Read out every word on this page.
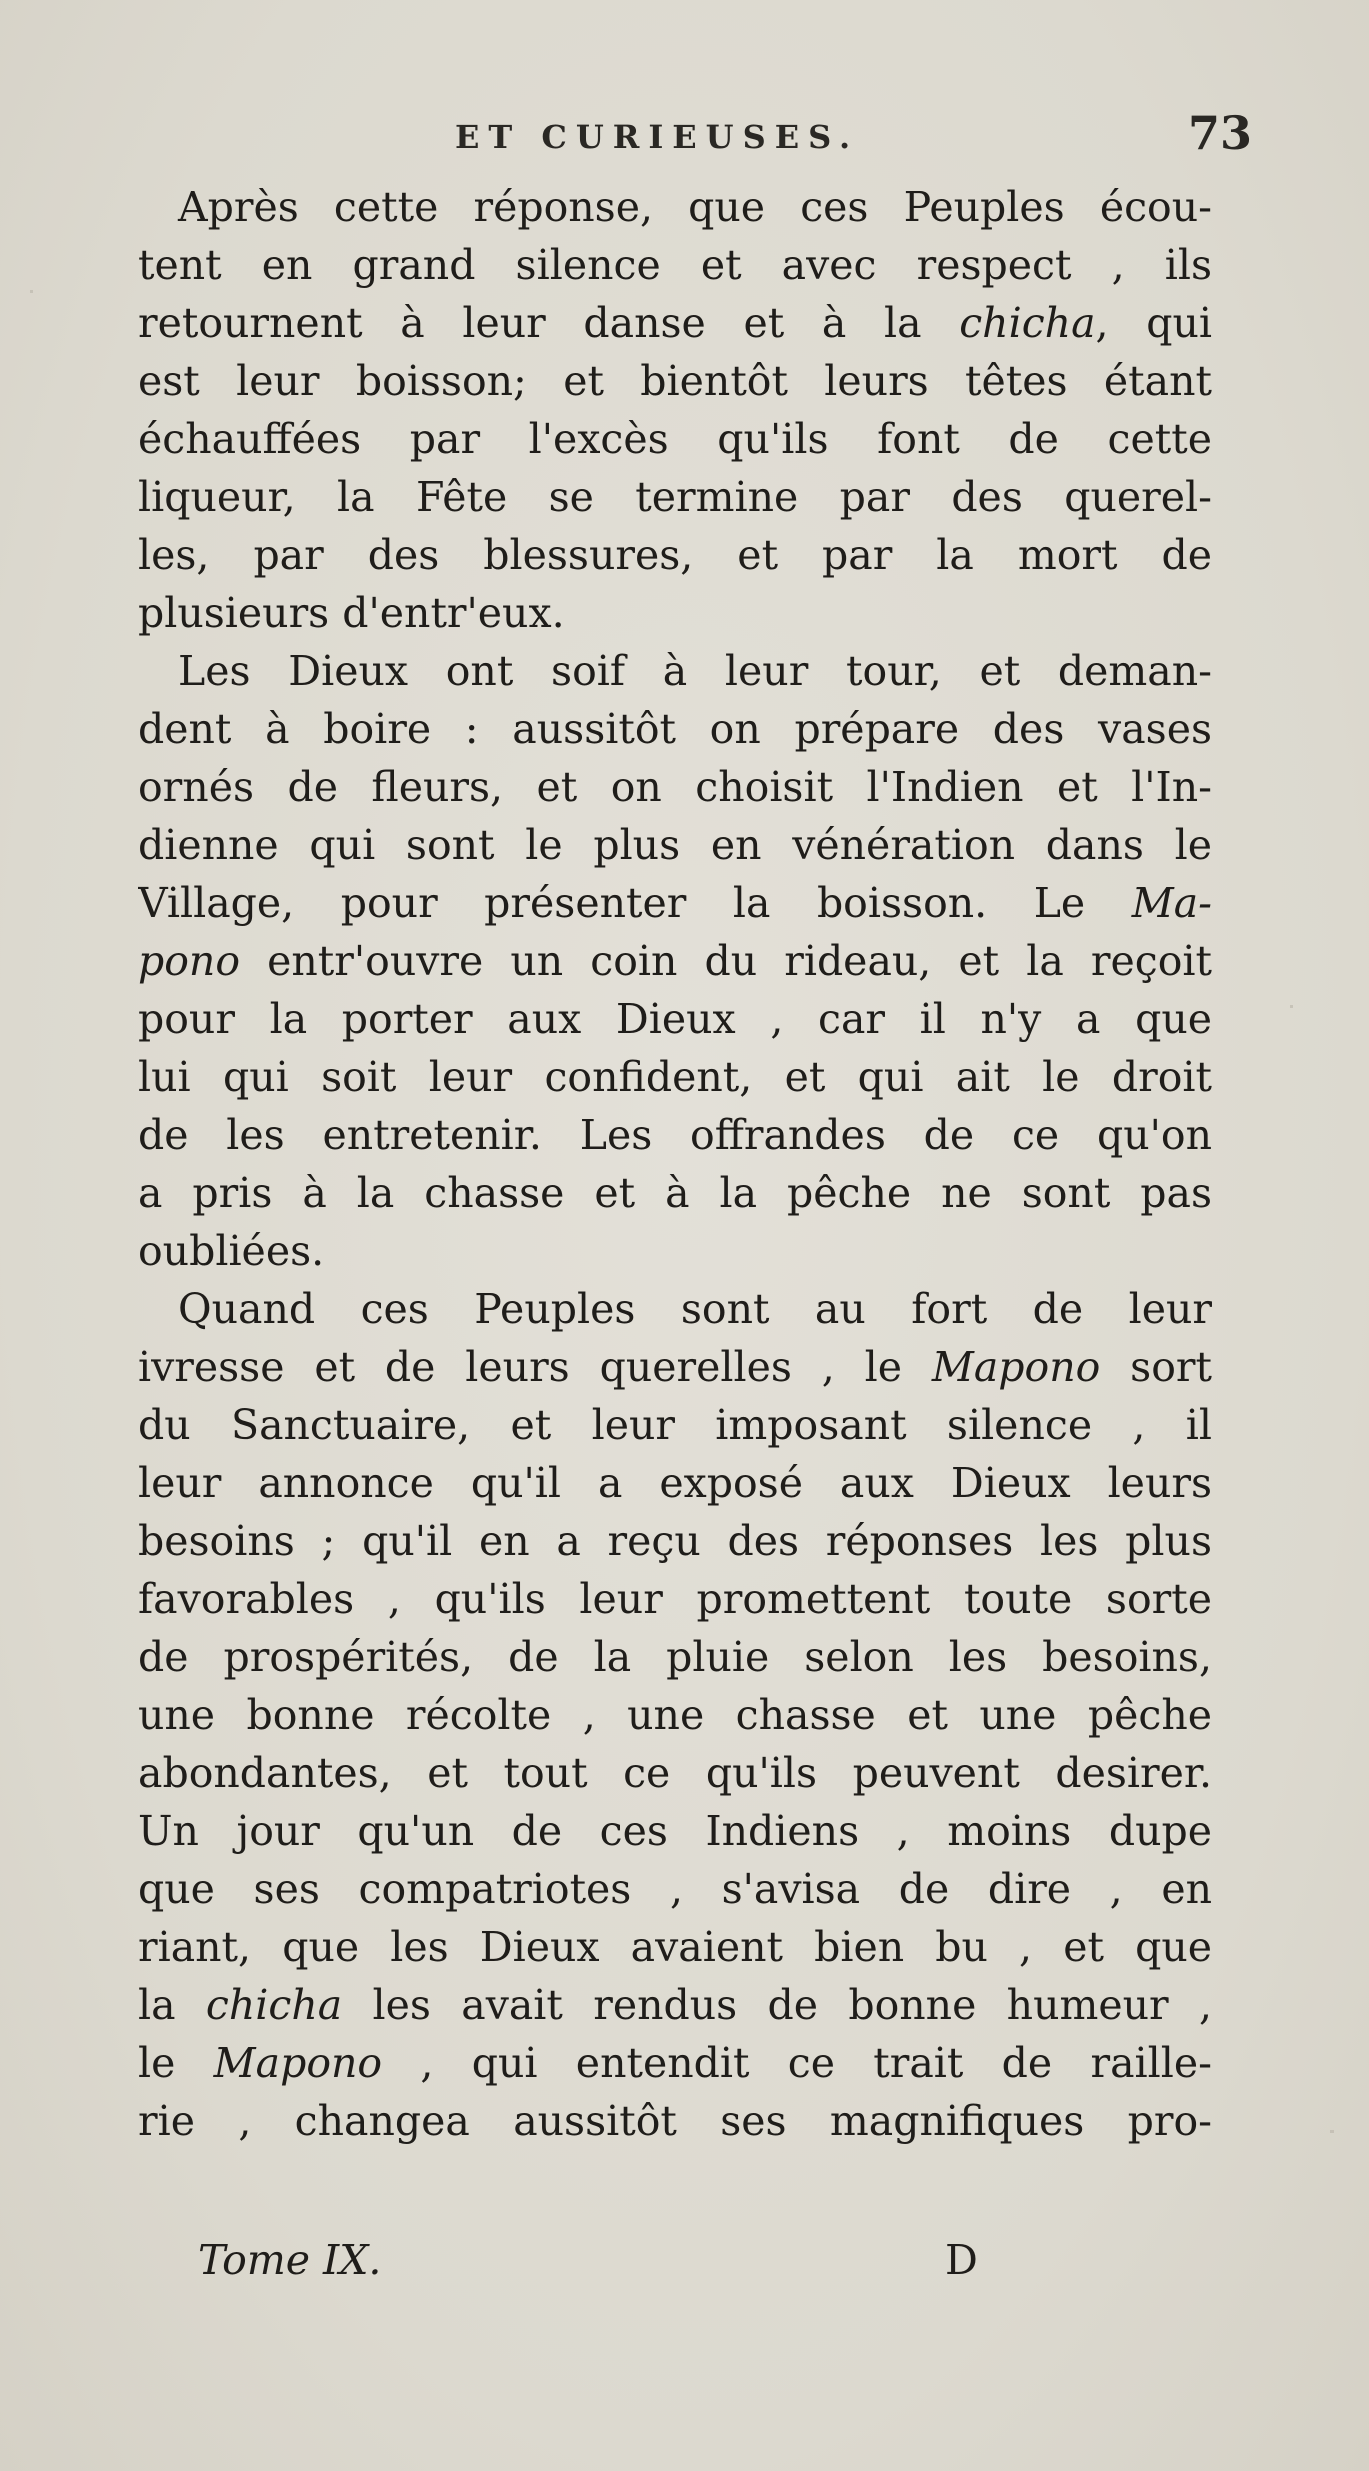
ET CURIEUSES.	73
Après cette réponse, que ces Peuples écou-
tent en grand silence et avec respect , ils
retournent à leur danse et à la chicha, qui
est leur boisson; et bientôt leurs têtes étant
échauffées par l'excès qu'ils font de cette
liqueur, la Fête se termine par des querel-
les, par des blessures, et par la mort de
plusieurs d'entr'eux.
Les Dieux ont soif à leur tour, et deman-
dent à boire : aussitôt on prépare des vases
ornés de fleurs, et on choisit l'Indien et l'In-
dienne qui sont le plus en vénération dans le
Village, pour présenter la boisson. Le Ma-
pono entr'ouvre un coin du rideau, et la reçoit
pour la porter aux Dieux , car il n'y a que
lui qui soit leur confident, et qui ait le droit
de les entretenir. Les offrandes de ce qu'on
a pris à la chasse et à la pêche ne sont pas
oubliées.
Quand ces Peuples sont au fort de leur
ivresse et de leurs querelles , le Mapono sort
du Sanctuaire, et leur imposant silence , il
leur annonce qu'il a exposé aux Dieux leurs
besoins ; qu'il en a reçu des réponses les plus
favorables , qu'ils leur promettent toute sorte
de prospérités, de la pluie selon les besoins,
une bonne récolte , une chasse et une pêche
abondantes, et tout ce qu'ils peuvent desirer.
Un jour qu'un de ces Indiens , moins dupe
que ses compatriotes , s'avisa de dire , en
riant, que les Dieux avaient bien bu , et que
la chicha les avait rendus de bonne humeur ,
le Mapono , qui entendit ce trait de raille-
rie , changea aussitôt ses magnifiques pro-
Tome IX.	D
